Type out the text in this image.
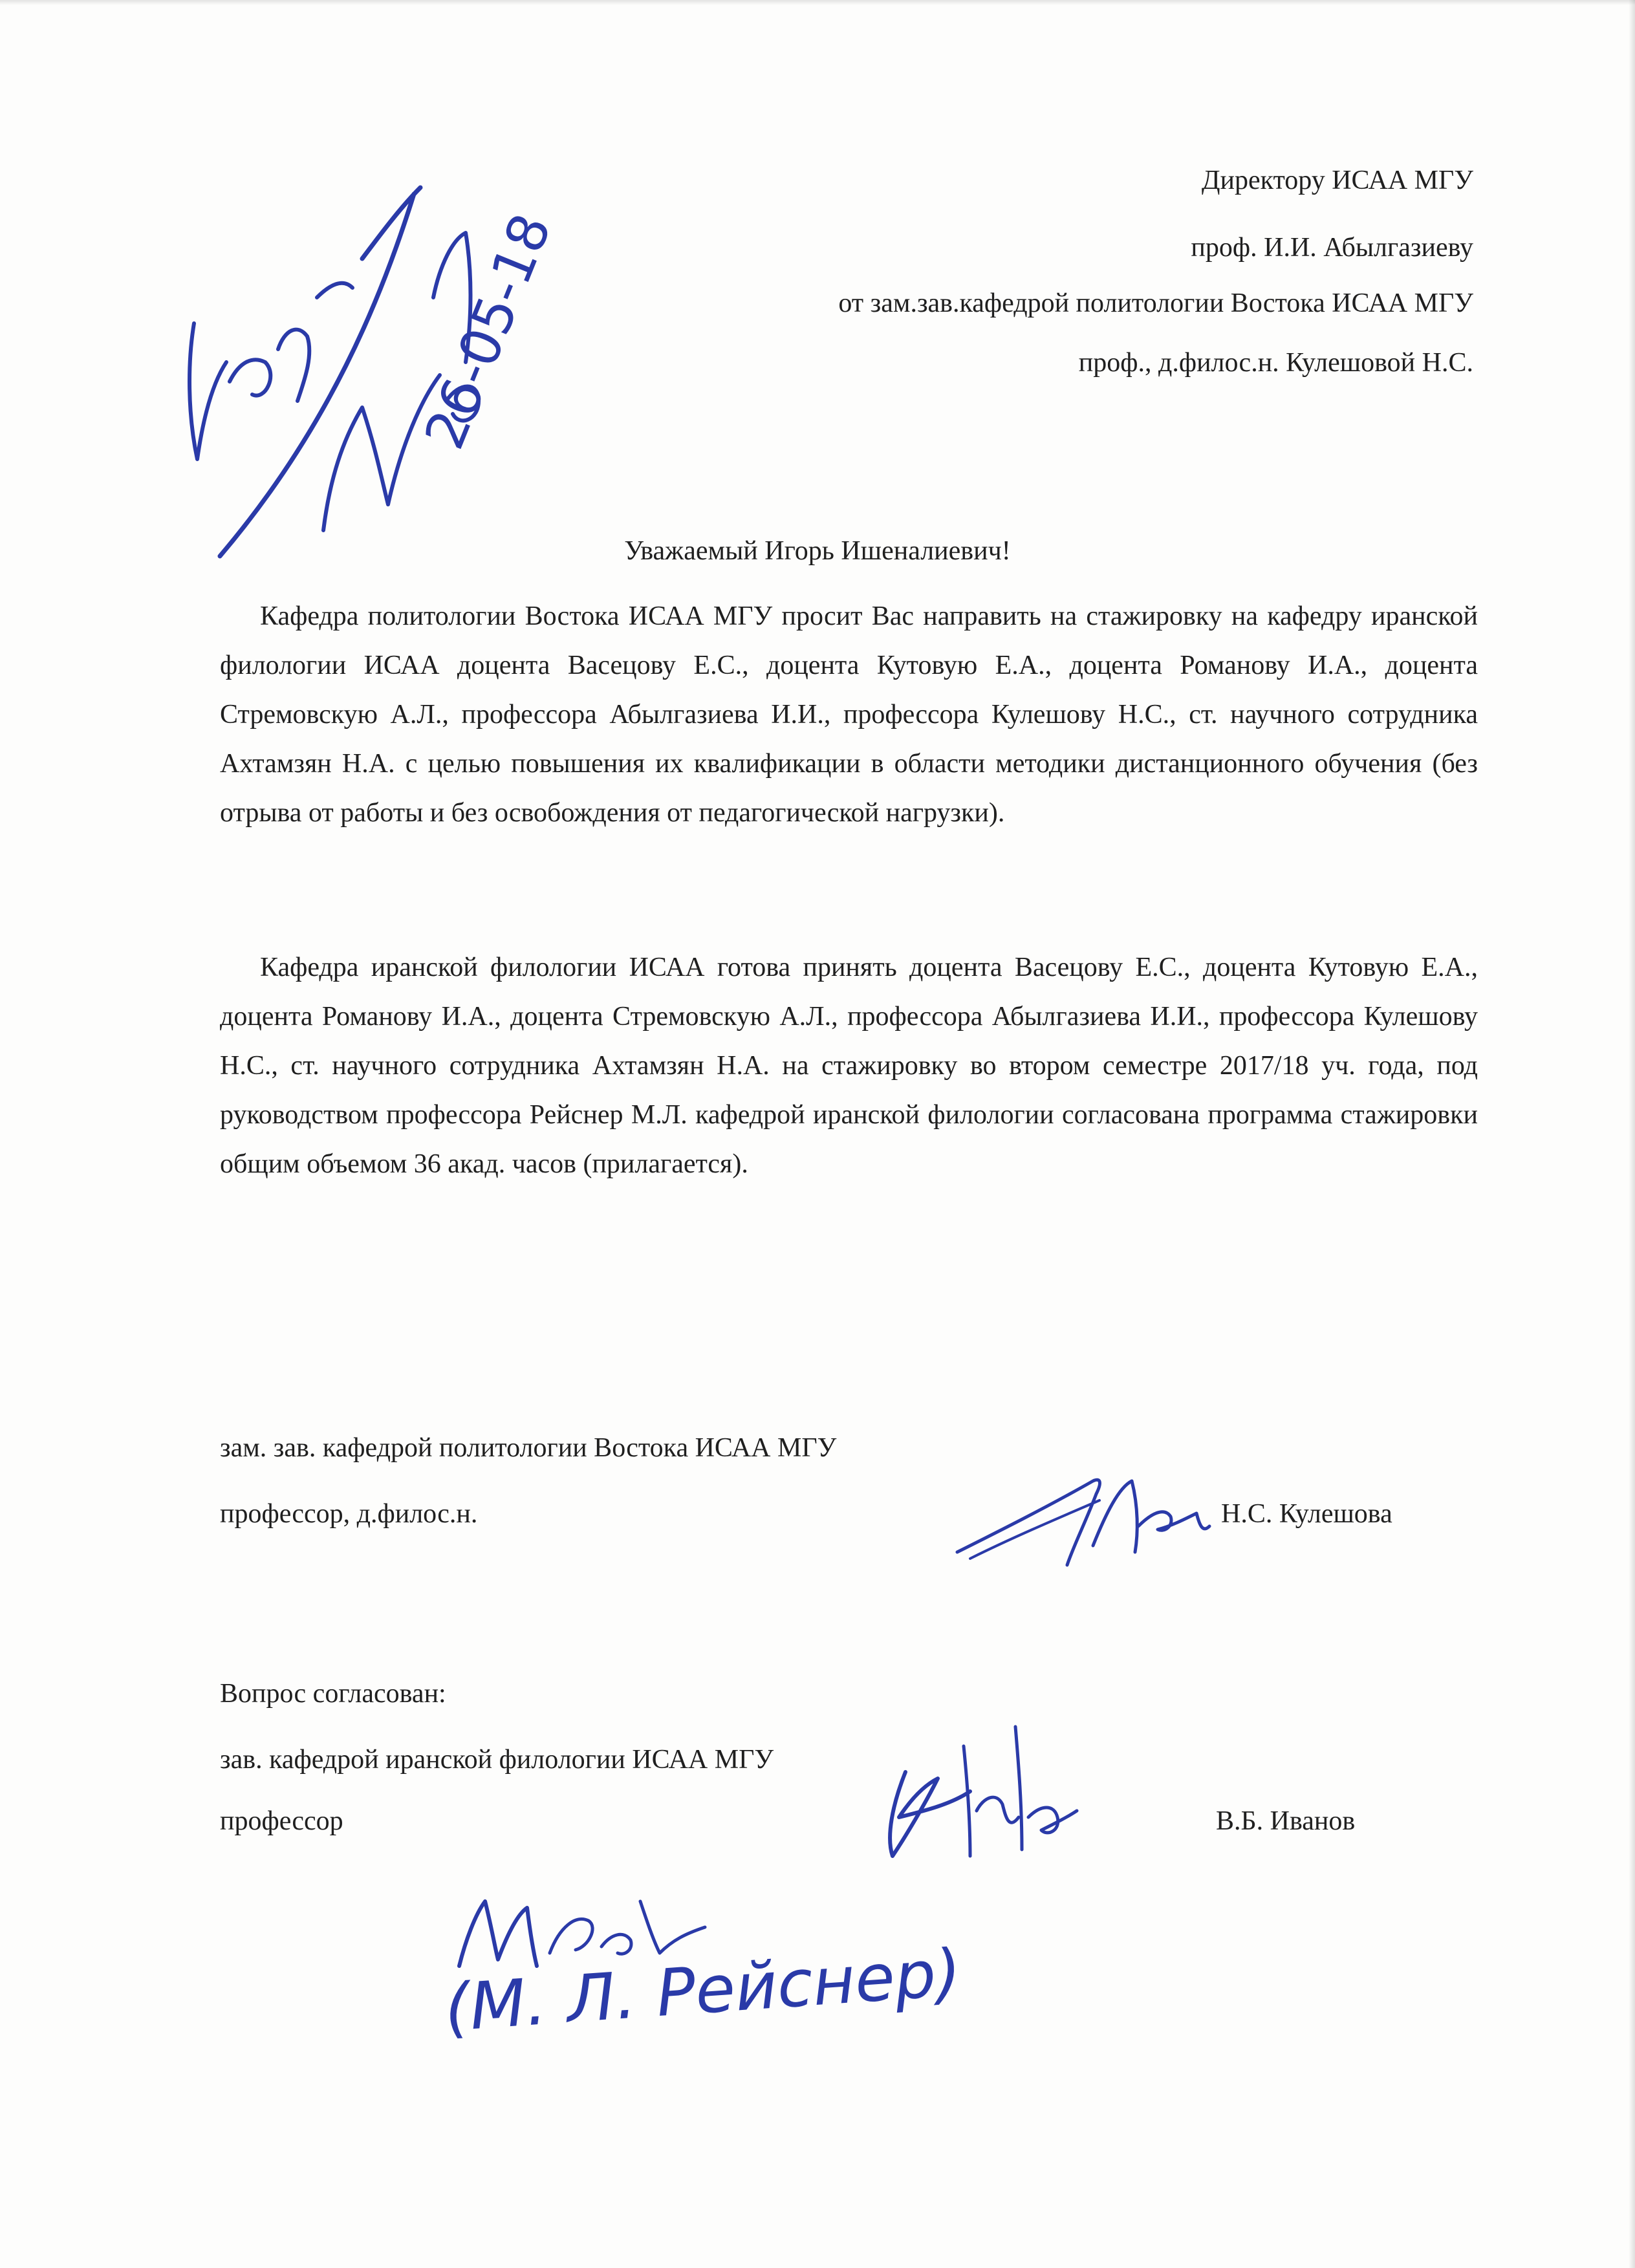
Директору ИСАА МГУ
проф. И.И. Абылгазиеву
от зам.зав.кафедрой политологии Востока ИСАА МГУ
проф., д.филос.н. Кулешовой Н.С.
26-05-18
Уважаемый Игорь Ишеналиевич!

Кафедра политологии Востока ИСАА МГУ просит Вас направить на стажировку на кафедру иранской филологии ИСАА доцента Васецову Е.С., доцента Кутовую Е.А., доцента Романову И.А., доцента Стремовскую А.Л., профессора Абылгазиева И.И., профессора Кулешову Н.С., ст. научного сотрудника Ахтамзян Н.А. с целью повышения их квалификации в области методики дистанционного обучения (без отрыва от работы и без освобождения от педагогической нагрузки).

Кафедра иранской филологии ИСАА готова принять доцента Васецову Е.С., доцента Кутовую Е.А., доцента Романову И.А., доцента Стремовскую А.Л., профессора Абылгазиева И.И., профессора Кулешову Н.С., ст. научного сотрудника Ахтамзян Н.А. на стажировку во втором семестре 2017/18 уч. года, под руководством профессора Рейснер М.Л. кафедрой иранской филологии согласована программа стажировки общим объемом 36 акад. часов (прилагается).

зам. зав. кафедрой политологии Востока ИСАА МГУ
профессор, д.филос.н.	Н.С. Кулешова
Вопрос согласован:
зав. кафедрой иранской филологии ИСАА МГУ
профессор	В.Б. Иванов
(М. Л. Рейснер)
